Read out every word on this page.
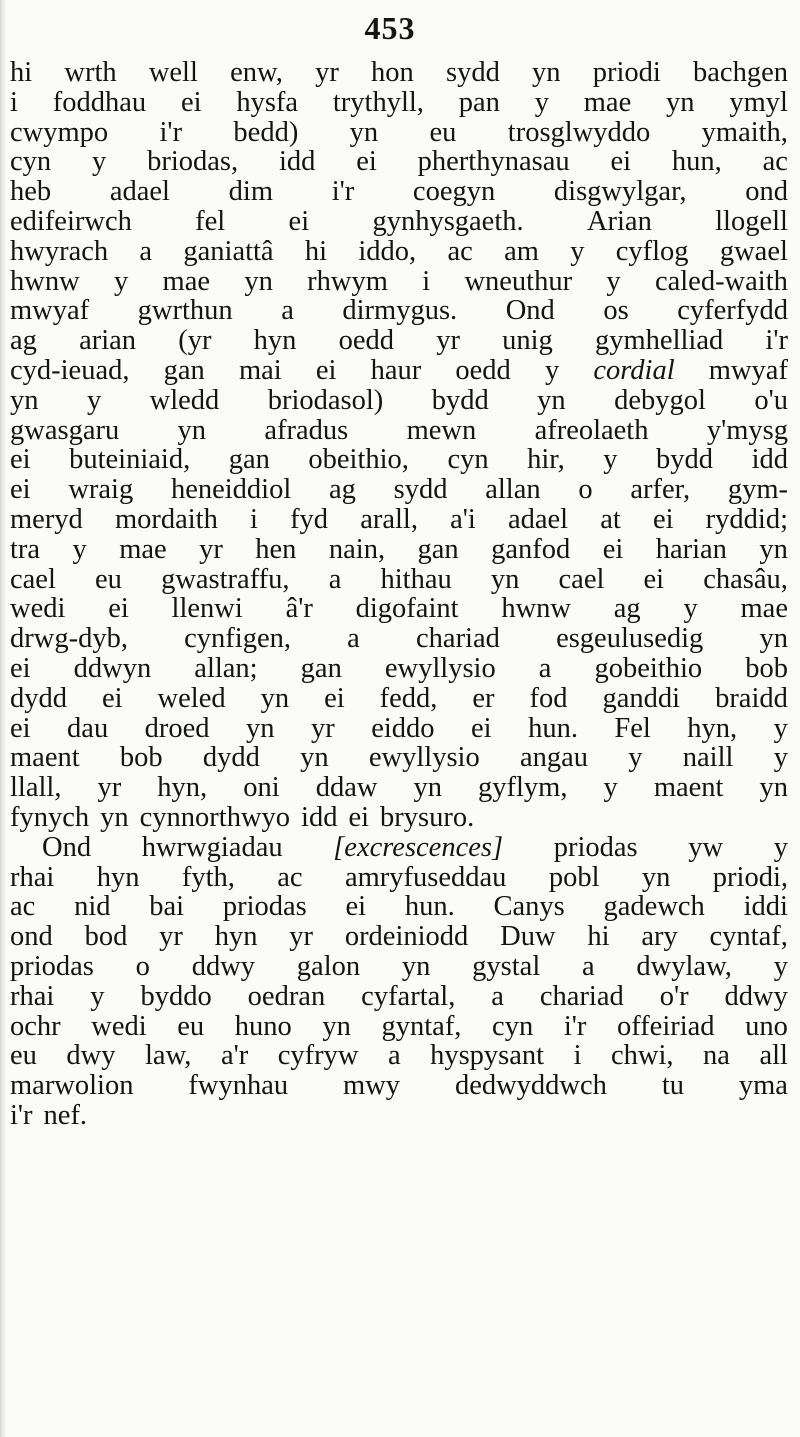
453
hi wrth well enw, yr hon sydd yn priodi bachgen
i foddhau ei hysfa trythyll, pan y mae yn ymyl
cwympo i'r bedd) yn eu trosglwyddo ymaith,
cyn y briodas, idd ei pherthynasau ei hun, ac
heb adael dim i'r coegyn disgwylgar, ond
edifeirwch fel ei gynhysgaeth. Arian llogell
hwyrach a ganiattâ hi iddo, ac am y cyflog gwael
hwnw y mae yn rhwym i wneuthur y caled-waith
mwyaf gwrthun a dirmygus. Ond os cyferfydd
ag arian (yr hyn oedd yr unig gymhelliad i'r
cyd-ieuad, gan mai ei haur oedd y cordial mwyaf
yn y wledd briodasol) bydd yn debygol o'u
gwasgaru yn afradus mewn afreolaeth y'mysg
ei buteiniaid, gan obeithio, cyn hir, y bydd idd
ei wraig heneiddiol ag sydd allan o arfer, gym-
meryd mordaith i fyd arall, a'i adael at ei ryddid;
tra y mae yr hen nain, gan ganfod ei harian yn
cael eu gwastraffu, a hithau yn cael ei chasâu,
wedi ei llenwi â'r digofaint hwnw ag y mae
drwg-dyb, cynfigen, a chariad esgeulusedig yn
ei ddwyn allan; gan ewyllysio a gobeithio bob
dydd ei weled yn ei fedd, er fod ganddi braidd
ei dau droed yn yr eiddo ei hun. Fel hyn, y
maent bob dydd yn ewyllysio angau y naill y
llall, yr hyn, oni ddaw yn gyflym, y maent yn
fynych yn cynnorthwyo idd ei brysuro.
Ond hwrwgiadau [excrescences] priodas yw y
rhai hyn fyth, ac amryfuseddau pobl yn priodi,
ac nid bai priodas ei hun. Canys gadewch iddi
ond bod yr hyn yr ordeiniodd Duw hi ary cyntaf,
priodas o ddwy galon yn gystal a dwylaw, y
rhai y byddo oedran cyfartal, a chariad o'r ddwy
ochr wedi eu huno yn gyntaf, cyn i'r offeiriad uno
eu dwy law, a'r cyfryw a hyspysant i chwi, na all
marwolion fwynhau mwy dedwyddwch tu yma
i'r nef.
